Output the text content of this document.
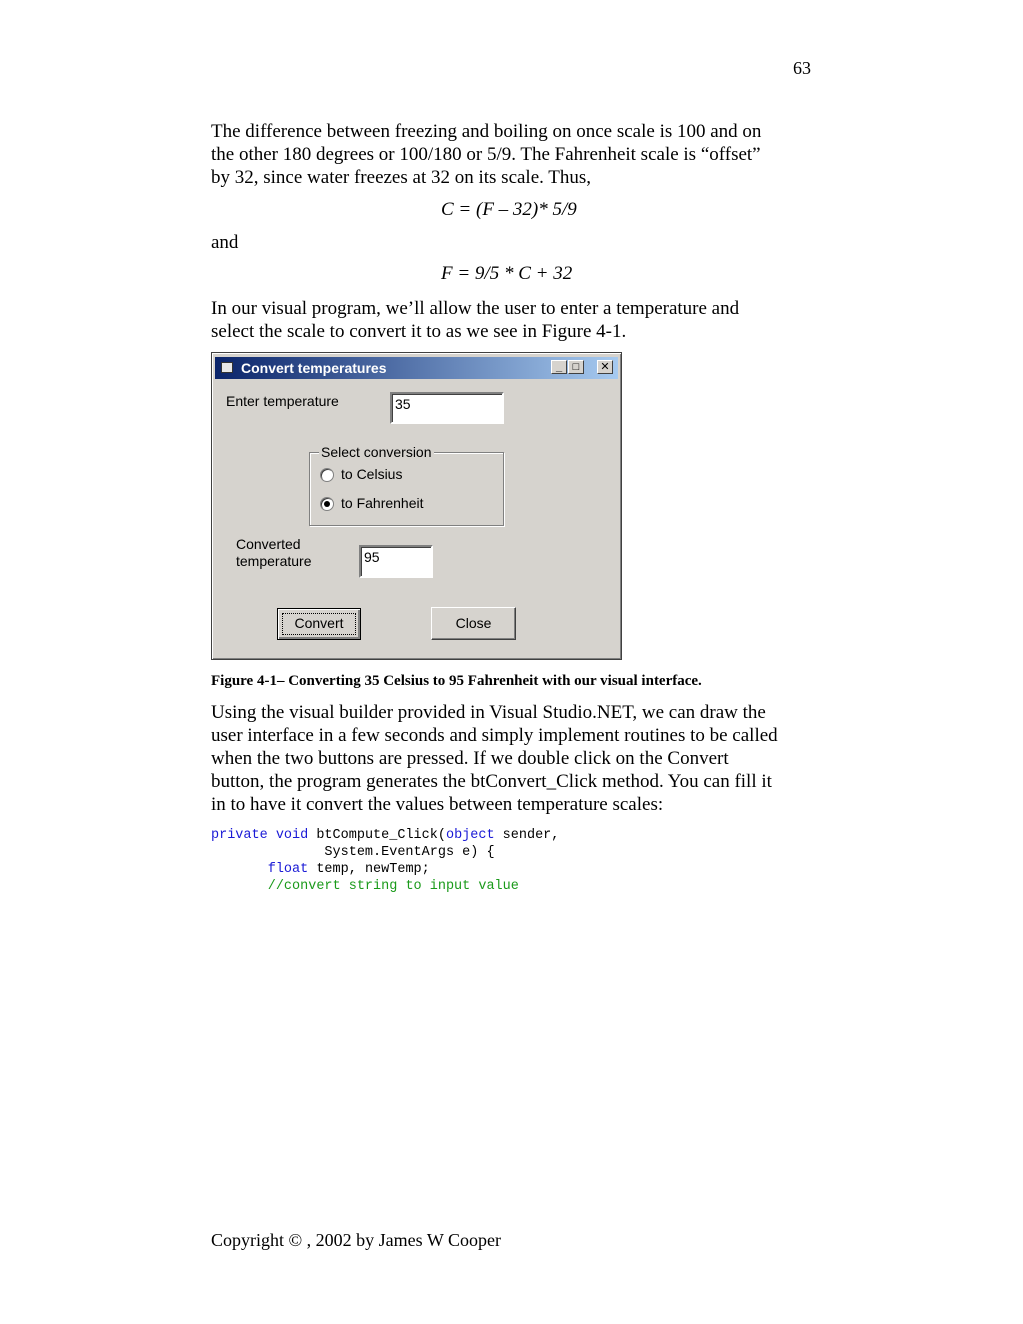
63

The difference between freezing and boiling on once scale is 100 and on
the other 180 degrees or 100/180 or 5/9. The Fahrenheit scale is “offset”
by 32, since water freezes at 32 on its scale. Thus,

C = (F – 32)* 5/9
and
F = 9/5 * C + 32

In our visual program, we’ll allow the user to enter a temperature and
select the scale to convert it to as we see in Figure 4-1.

Convert temperatures	_ □	✕
Enter temperature	35
Select conversion
to Celsius
to Fahrenheit
Converted
temperature	95
Convert	Close
Figure 4-1– Converting 35 Celsius to 95 Fahrenheit with our visual interface.

Using the visual builder provided in Visual Studio.NET, we can draw the
user interface in a few seconds and simply implement routines to be called
when the two buttons are pressed. If we double click on the Convert
button, the program generates the btConvert_Click method. You can fill it
in to have it convert the values between temperature scales:

private void btCompute_Click(object sender,
System.EventArgs e) {
float temp, newTemp;
//convert string to input value
Copyright © , 2002 by James W Cooper
